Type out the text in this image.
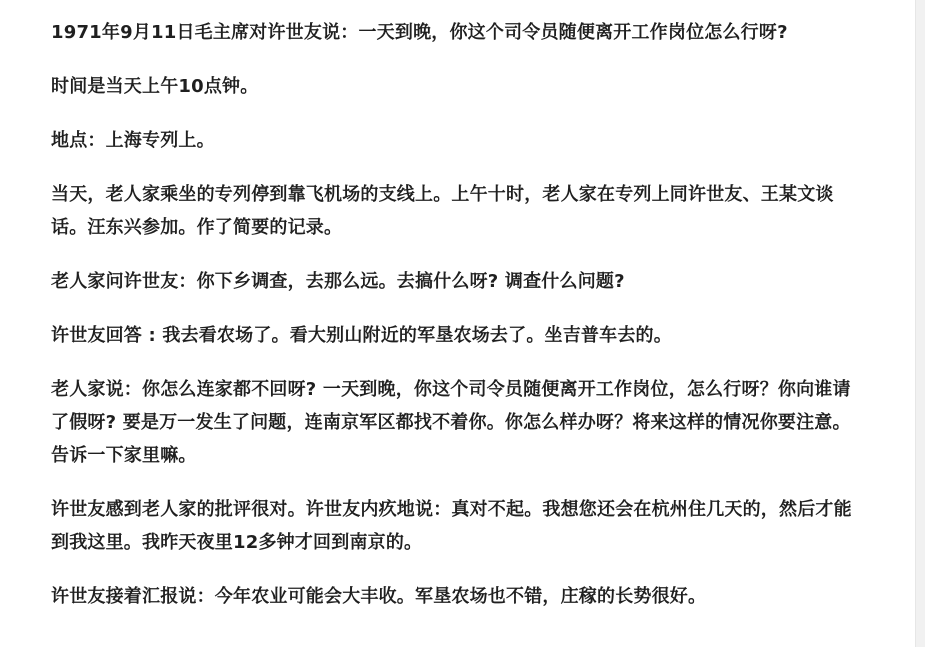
1971年9月11日毛主席对许世友说：一天到晚，你这个司令员随便离开工作岗位怎么行呀?

时间是当天上午10点钟。

地点：上海专列上。

当天，老人家乘坐的专列停到靠飞机场的支线上。上午十时，老人家在专列上同许世友、王某文谈话。汪东兴参加。作了简要的记录。

老人家问许世友：你下乡调查，去那么远。去搞什么呀? 调查什么问题?

许世友回答 : 我去看农场了。看大别山附近的军垦农场去了。坐吉普车去的。

老人家说：你怎么连家都不回呀? 一天到晚，你这个司令员随便离开工作岗位，怎么行呀？你向谁请了假呀? 要是万一发生了问题，连南京军区都找不着你。你怎么样办呀？将来这样的情况你要注意。告诉一下家里嘛。

许世友感到老人家的批评很对。许世友内疚地说：真对不起。我想您还会在杭州住几天的，然后才能到我这里。我昨天夜里12多钟才回到南京的。

许世友接着汇报说：今年农业可能会大丰收。军垦农场也不错，庄稼的长势很好。
